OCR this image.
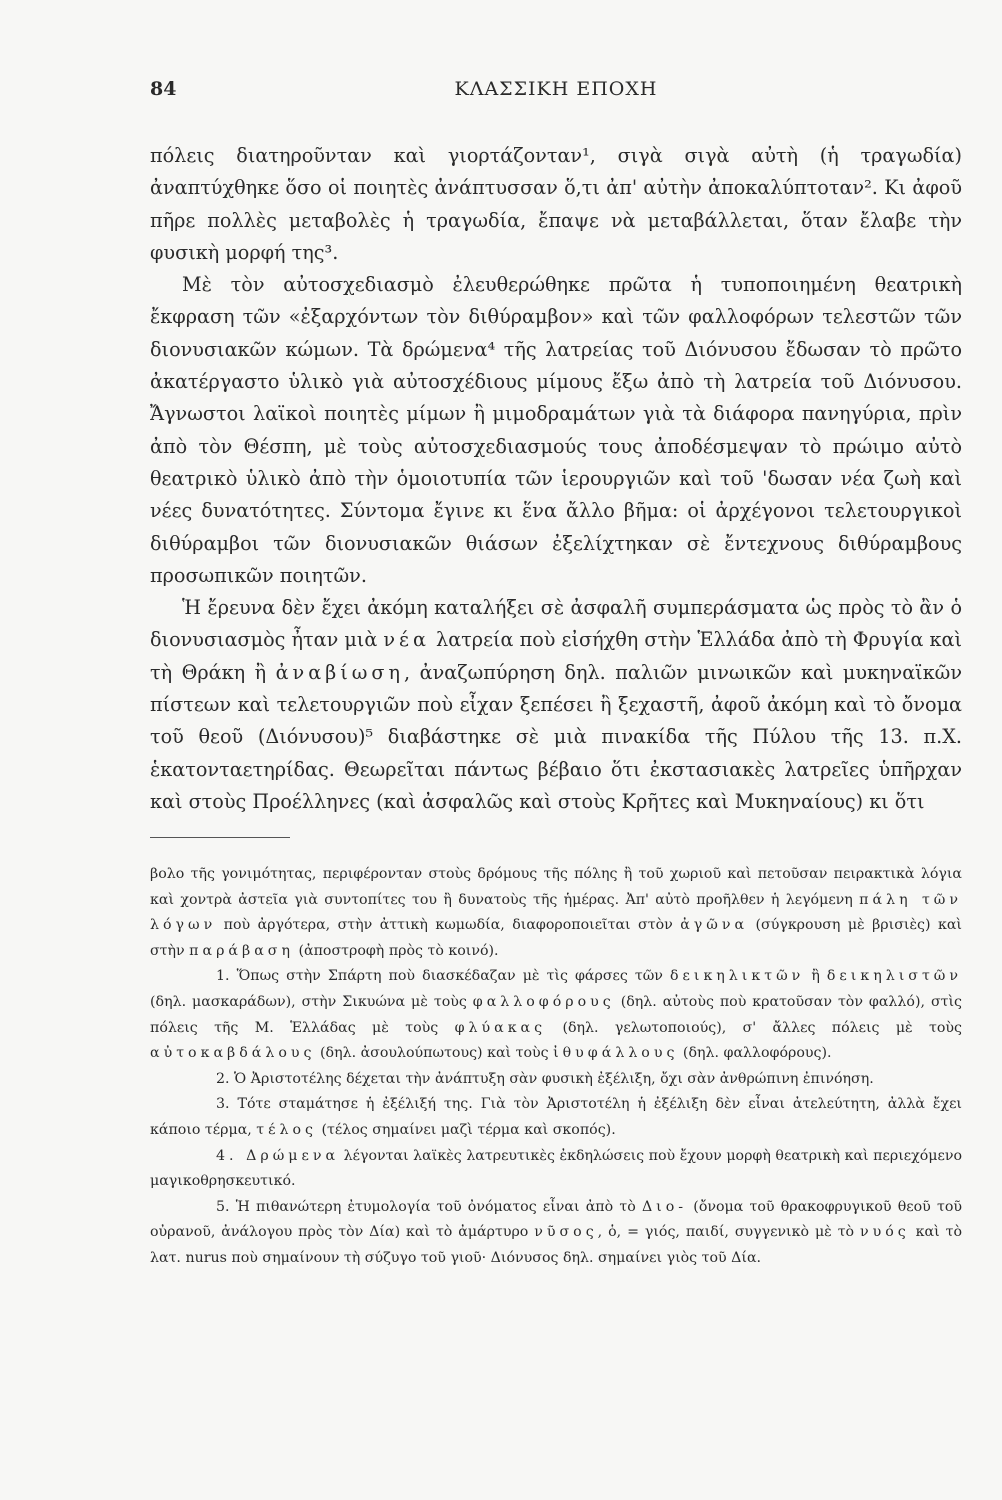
84	ΚΛΑΣΣΙΚΗ ΕΠΟΧΗ

πόλεις διατηροῦνταν καὶ γιορτάζονταν¹, σιγὰ σιγὰ αὐτὴ (ἡ τραγωδία) ἀναπτύχθηκε ὅσο οἱ ποιητὲς ἀνάπτυσσαν ὅ,τι ἀπ' αὐτὴν ἀποκαλύπτοταν². Κι ἀφοῦ πῆρε πολλὲς μεταβολὲς ἡ τραγωδία, ἔπαψε νὰ μεταβάλλεται, ὅταν ἔλαβε τὴν φυσικὴ μορφή της³.

Μὲ τὸν αὐτοσχεδιασμὸ ἐλευθερώθηκε πρῶτα ἡ τυποποιημένη θεατρικὴ ἔκφραση τῶν «ἐξαρχόντων τὸν διθύραμβον» καὶ τῶν φαλλοφόρων τελεστῶν τῶν διονυσιακῶν κώμων. Τὰ δρώμενα⁴ τῆς λατρείας τοῦ Διόνυσου ἔδωσαν τὸ πρῶτο ἀκατέργαστο ὑλικὸ γιὰ αὐτοσχέδιους μίμους ἔξω ἀπὸ τὴ λατρεία τοῦ Διόνυσου. Ἄγνωστοι λαϊκοὶ ποιητὲς μίμων ἢ μιμοδραμάτων γιὰ τὰ διάφορα πανηγύρια, πρὶν ἀπὸ τὸν Θέσπη, μὲ τοὺς αὐτοσχεδιασμούς τους ἀποδέσμεψαν τὸ πρώιμο αὐτὸ θεατρικὸ ὑλικὸ ἀπὸ τὴν ὁμοιοτυπία τῶν ἱερουργιῶν καὶ τοῦ 'δωσαν νέα ζωὴ καὶ νέες δυνατότητες. Σύντομα ἔγινε κι ἕνα ἄλλο βῆμα: οἱ ἀρχέγονοι τελετουργικοὶ διθύραμβοι τῶν διονυσιακῶν θιάσων ἐξελίχτηκαν σὲ ἔντεχνους διθύραμβους προσωπικῶν ποιητῶν.

Ἡ ἔρευνα δὲν ἔχει ἀκόμη καταλήξει σὲ ἀσφαλῆ συμπεράσματα ὡς πρὸς τὸ ἂν ὁ διονυσιασμὸς ἦταν μιὰ νέα λατρεία ποὺ εἰσήχθη στὴν Ἑλλάδα ἀπὸ τὴ Φρυγία καὶ τὴ Θράκη ἢ ἀναβίωση, ἀναζωπύρηση δηλ. παλιῶν μινωικῶν καὶ μυκηναϊκῶν πίστεων καὶ τελετουργιῶν ποὺ εἶχαν ξεπέσει ἢ ξεχαστῆ, ἀφοῦ ἀκόμη καὶ τὸ ὄνομα τοῦ θεοῦ (Διόνυσου)⁵ διαβάστηκε σὲ μιὰ πινακίδα τῆς Πύλου τῆς 13. π.Χ. ἑκατονταετηρίδας. Θεωρεῖται πάντως βέβαιο ὅτι ἐκστασιακὲς λατρεῖες ὑπῆρχαν καὶ στοὺς Προέλληνες (καὶ ἀσφαλῶς καὶ στοὺς Κρῆτες καὶ Μυκηναίους) κι ὅτι

βολο τῆς γονιμότητας, περιφέρονταν στοὺς δρόμους τῆς πόλης ἢ τοῦ χωριοῦ καὶ πετοῦσαν πειρακτικὰ λόγια καὶ χοντρὰ ἀστεῖα γιὰ συντοπίτες του ἢ δυνατοὺς τῆς ἡμέρας. Ἀπ' αὐτὸ προῆλθεν ἡ λεγόμενη πάλη τῶν λόγων ποὺ ἀργότερα, στὴν ἀττικὴ κωμωδία, διαφοροποιεῖται στὸν ἀγῶνα (σύγκρουση μὲ βρισιὲς) καὶ στὴν παράβαση (ἀποστροφὴ πρὸς τὸ κοινό).

1. Ὅπως στὴν Σπάρτη ποὺ διασκέδαζαν μὲ τὶς φάρσες τῶν δεικηλικτῶν ἢ δεικηλιστῶν (δηλ. μασκαράδων), στὴν Σικυώνα μὲ τοὺς φαλλοφόρους (δηλ. αὐτοὺς ποὺ κρατοῦσαν τὸν φαλλό), στὶς πόλεις τῆς Μ. Ἑλλάδας μὲ τοὺς φλύακας (δηλ. γελωτοποιούς), σ' ἄλλες πόλεις μὲ τοὺς αὐτοκαβδάλους (δηλ. ἀσουλούπωτους) καὶ τοὺς ἰθυφάλλους (δηλ. φαλλοφόρους).

2. Ὁ Ἀριστοτέλης δέχεται τὴν ἀνάπτυξη σὰν φυσικὴ ἐξέλιξη, ὄχι σὰν ἀνθρώπινη ἐπινόηση.

3. Τότε σταμάτησε ἡ ἐξέλιξή της. Γιὰ τὸν Ἀριστοτέλη ἡ ἐξέλιξη δὲν εἶναι ἀτελεύτητη, ἀλλὰ ἔχει κάποιο τέρμα, τέλος (τέλος σημαίνει μαζὶ τέρμα καὶ σκοπός).

4. Δρώμενα λέγονται λαϊκὲς λατρευτικὲς ἐκδηλώσεις ποὺ ἔχουν μορφὴ θεατρικὴ καὶ περιεχόμενο μαγικοθρησκευτικό.

5. Ἡ πιθανώτερη ἐτυμολογία τοῦ ὀνόματος εἶναι ἀπὸ τὸ Διο- (ὄνομα τοῦ θρακοφρυγικοῦ θεοῦ τοῦ οὐρανοῦ, ἀνάλογου πρὸς τὸν Δία) καὶ τὸ ἀμάρτυρο νῦσος, ὁ, = γιός, παιδί, συγγενικὸ μὲ τὸ νυός καὶ τὸ λατ. nurus ποὺ σημαίνουν τὴ σύζυγο τοῦ γιοῦ· Διόνυσος δηλ. σημαίνει γιὸς τοῦ Δία.
